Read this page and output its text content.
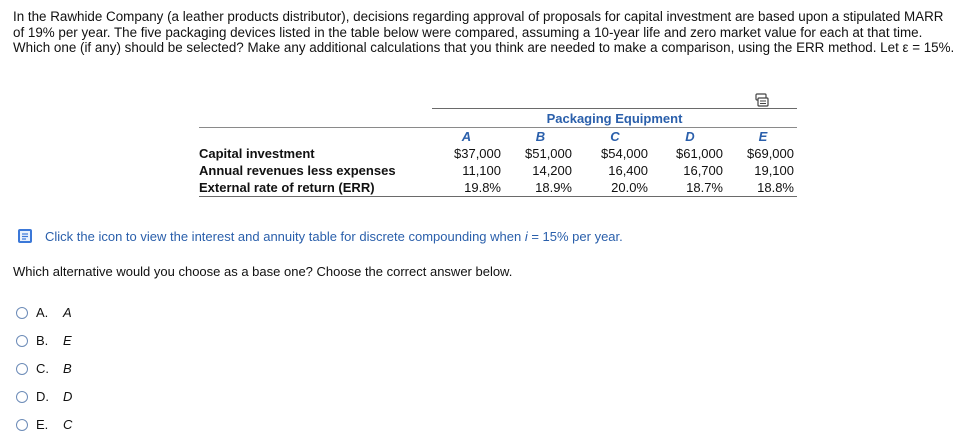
In the Rawhide Company (a leather products distributor), decisions regarding approval of proposals for capital investment are based upon a stipulated MARR of 19% per year. The five packaging devices listed in the table below were compared, assuming a 10-year life and zero market value for each at that time. Which one (if any) should be selected? Make any additional calculations that you think are needed to make a comparison, using the ERR method. Let ε = 15%.
	Packaging Equipment									
	A		B		C		D		E	
Capital investment	$37,000		$51,000		$54,000		$61,000		$69,000	
Annual revenues less expenses	11,100		14,200		16,400		16,700		19,100	
External rate of return (ERR)	19.8%		18.9%		20.0%		18.7%		18.8%	
Click the icon to view the interest and annuity table for discrete compounding when i = 15% per year.
Which alternative would you choose as a base one? Choose the correct answer below.
A.	A
B.	E
C.	B
D.	D
E.	C
